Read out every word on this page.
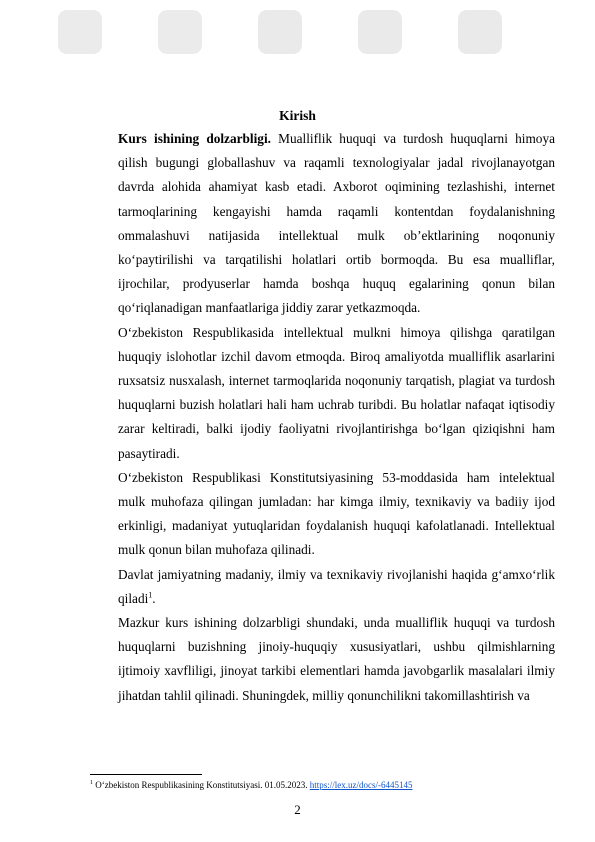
Kirish

Kurs ishining dolzarbligi. Mualliflik huquqi va turdosh huquqlarni himoya qilish bugungi globallashuv va raqamli texnologiyalar jadal rivojlanayotgan davrda alohida ahamiyat kasb etadi. Axborot oqimining tezlashishi, internet tarmoqlarining kengayishi hamda raqamli kontentdan foydalanishning ommalashuvi natijasida intellektual mulk ob’ektlarining noqonuniy ko‘paytirilishi va tarqatilishi holatlari ortib bormoqda. Bu esa mualliflar, ijrochilar, prodyuserlar hamda boshqa huquq egalarining qonun bilan qo‘riqlanadigan manfaatlariga jiddiy zarar yetkazmoqda.

O‘zbekiston Respublikasida intellektual mulkni himoya qilishga qaratilgan huquqiy islohotlar izchil davom etmoqda. Biroq amaliyotda mualliflik asarlarini ruxsatsiz nusxalash, internet tarmoqlarida noqonuniy tarqatish, plagiat va turdosh huquqlarni buzish holatlari hali ham uchrab turibdi. Bu holatlar nafaqat iqtisodiy zarar keltiradi, balki ijodiy faoliyatni rivojlantirishga bo‘lgan qiziqishni ham pasaytiradi.

O‘zbekiston Respublikasi Konstitutsiyasining 53-moddasida ham intelektual mulk muhofaza qilingan jumladan: har kimga ilmiy, texnikaviy va badiiy ijod erkinligi, madaniyat yutuqlaridan foydalanish huquqi kafolatlanadi. Intellektual mulk qonun bilan muhofaza qilinadi.

Davlat jamiyatning madaniy, ilmiy va texnikaviy rivojlanishi haqida g‘amxo‘rlik qiladi$^1$.

Mazkur kurs ishining dolzarbligi shundaki, unda mualliflik huquqi va turdosh huquqlarni buzishning jinoiy-huquqiy xususiyatlari, ushbu qilmishlarning ijtimoiy xavfliligi, jinoyat tarkibi elementlari hamda javobgarlik masalalari ilmiy jihatdan tahlil qilinadi. Shuningdek, milliy qonunchilikni takomillashtirish va

$^1$ O‘zbekiston Respublikasining Konstitutsiyasi. 01.05.2023. https://lex.uz/docs/-6445145
2
